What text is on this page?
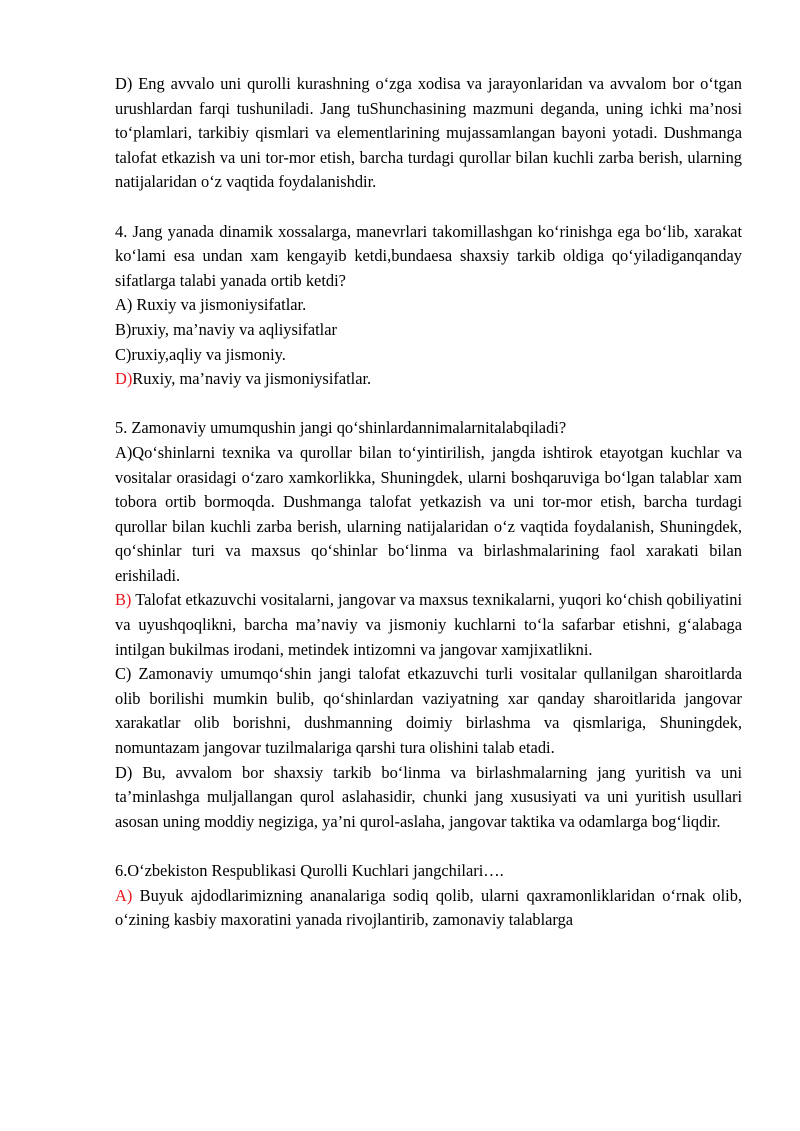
D) Eng avvalo uni qurolli kurashning o‘zga xodisa va jarayonlaridan va avvalom bor o‘tgan urushlardan farqi tushuniladi. Jang tuShunchasining mazmuni deganda, uning ichki ma’nosi to‘plamlari, tarkibiy qismlari va elementlarining mujassamlangan bayoni yotadi. Dushmanga talofat etkazish va uni tor-mor etish, barcha turdagi qurollar bilan kuchli zarba berish, ularning natijalaridan o‘z vaqtida foydalanishdir.

4. Jang yanada dinamik xossalarga, manevrlari takomillashgan ko‘rinishga ega bo‘lib, xarakat ko‘lami esa undan xam kengayib ketdi,bundaesa shaxsiy tarkib oldiga qo‘yiladiganqanday sifatlarga talabi yanada ortib ketdi?

A) Ruxiy va jismoniysifatlar.

B)ruxiy, ma’naviy va aqliysifatlar

C)ruxiy,aqliy va jismoniy.

D)Ruxiy, ma’naviy va jismoniysifatlar.

5. Zamonaviy umumqushin jangi qo‘shinlardannimalarnitalabqiladi?

A)Qo‘shinlarni texnika va qurollar bilan to‘yintirilish, jangda ishtirok etayotgan kuchlar va vositalar orasidagi o‘zaro xamkorlikka, Shuningdek, ularni boshqaruviga bo‘lgan talablar xam tobora ortib bormoqda. Dushmanga talofat yetkazish va uni tor-mor etish, barcha turdagi qurollar bilan kuchli zarba berish, ularning natijalaridan o‘z vaqtida foydalanish, Shuningdek, qo‘shinlar turi va maxsus qo‘shinlar bo‘linma va birlashmalarining faol xarakati bilan erishiladi.

B) Talofat etkazuvchi vositalarni, jangovar va maxsus texnikalarni, yuqori ko‘chish qobiliyatini va uyushqoqlikni, barcha ma’naviy va jismoniy kuchlarni to‘la safarbar etishni, g‘alabaga intilgan bukilmas irodani, metindek intizomni va jangovar xamjixatlikni.

C) Zamonaviy umumqo‘shin jangi talofat etkazuvchi turli vositalar qullanilgan sharoitlarda olib borilishi mumkin bulib, qo‘shinlardan vaziyatning xar qanday sharoitlarida jangovar xarakatlar olib borishni, dushmanning doimiy birlashma va qismlariga, Shuningdek, nomuntazam jangovar tuzilmalariga qarshi tura olishini talab etadi.

D) Bu, avvalom bor shaxsiy tarkib bo‘linma va birlashmalarning jang yuritish va uni ta’minlashga muljallangan qurol aslahasidir, chunki jang xususiyati va uni yuritish usullari asosan uning moddiy negiziga, ya’ni qurol-aslaha, jangovar taktika va odamlarga bog‘liqdir.

6.O‘zbekiston Respublikasi Qurolli Kuchlari jangchilari….

A) Buyuk ajdodlarimizning ananalariga sodiq qolib, ularni qaxramonliklaridan o‘rnak olib, o‘zining kasbiy maxoratini yanada rivojlantirib, zamonaviy talablarga
